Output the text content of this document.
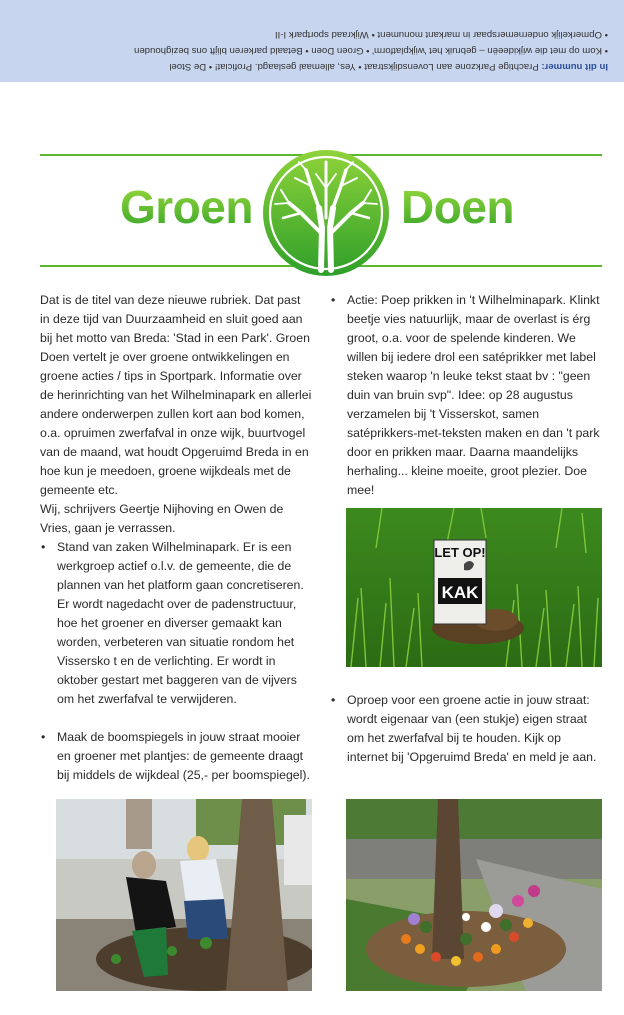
In dit nummer: Prachtige Parkzone aan Lovensdijkstraat • Yes, allemaal geslaagd. Proficiat! • De Stoel
• Kom op met die wijkideeën – gebruik het 'wijkplatform' • Groen Doen • Betaald parkeren blijft ons bezighouden
• Opmerkelijk ondernemerspaar in markant monument • Wijkraad sportpark I-II
Groen	Doen

Dat is de titel van deze nieuwe rubriek. Dat past in deze tijd van Duurzaamheid en sluit goed aan bij het motto van Breda: 'Stad in een Park'. Groen Doen vertelt je over groene ontwikkelingen en groene acties / tips in Sportpark. Informatie over de herinrichting van het Wilhelminapark en allerlei andere onderwerpen zullen kort aan bod komen, o.a. opruimen zwerfafval in onze wijk, buurtvogel van de maand, wat houdt Opgeruimd Breda in en hoe kun je meedoen, groene wijkdeals met de gemeente etc.

Wij, schrijvers Geertje Nijhoving en Owen de Vries, gaan je verrassen.

• Stand van zaken Wilhelminapark. Er is een werkgroep actief o.l.v. de gemeente, die de plannen van het platform gaan concretiseren. Er wordt nagedacht over de padenstructuur, hoe het groener en diverser gemaakt kan worden, verbeteren van situatie rondom het Vissersko t en de verlichting. Er wordt in oktober gestart met baggeren van de vijvers om het zwerfafval te verwijderen.

• Maak de boomspiegels in jouw straat mooier en groener met plantjes: de gemeente draagt bij middels de wijkdeal (25,- per boomspiegel).

• Actie: Poep prikken in 't Wilhelminapark. Klinkt beetje vies natuurlijk, maar de overlast is érg groot, o.a. voor de spelende kinderen. We willen bij iedere drol een satéprikker met label steken waarop 'n leuke tekst staat bv : "geen duin van bruin svp". Idee: op 28 augustus verzamelen bij 't Visserskot, samen satéprikkers-met-teksten maken en dan 't park door en prikken maar. Daarna maandelijks herhaling... kleine moeite, groot plezier. Doe mee!

• Oproep voor een groene actie in jouw straat: wordt eigenaar van (een stukje) eigen straat om het zwerfafval bij te houden. Kijk op internet bij 'Opgeruimd Breda' en meld je aan.

LET OP!
KAK
